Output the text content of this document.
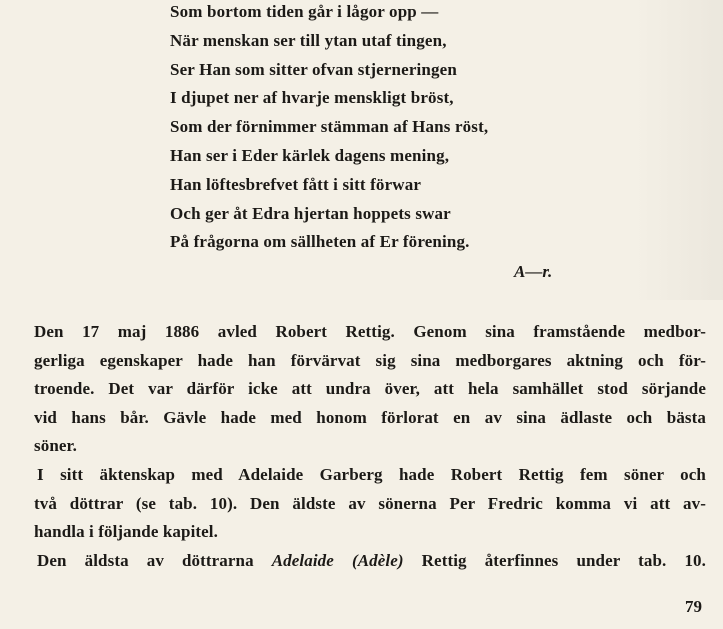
Som bortom tiden går i lågor opp —
När menskan ser till ytan utaf tingen,
Ser Han som sitter ofvan stjerneringen
I djupet ner af hvarje menskligt bröst,
Som der förnimmer stämman af Hans röst,
Han ser i Eder kärlek dagens mening,
Han löftesbrefvet fått i sitt förwar
Och ger åt Edra hjertan hoppets swar
På frågorna om sällheten af Er förening.
A—r.
Den 17 maj 1886 avled Robert Rettig. Genom sina framstående medbor-
gerliga egenskaper hade han förvärvat sig sina medborgares aktning och för-
troende. Det var därför icke att undra över, att hela samhället stod sörjande
vid hans bår. Gävle hade med honom förlorat en av sina ädlaste och bästa
söner.
I sitt äktenskap med Adelaide Garberg hade Robert Rettig fem söner och
två döttrar (se tab. 10). Den äldste av sönerna Per Fredric komma vi att av-
handla i följande kapitel.
Den äldsta av döttrarna Adelaide (Adèle) Rettig återfinnes under tab. 10.
79
